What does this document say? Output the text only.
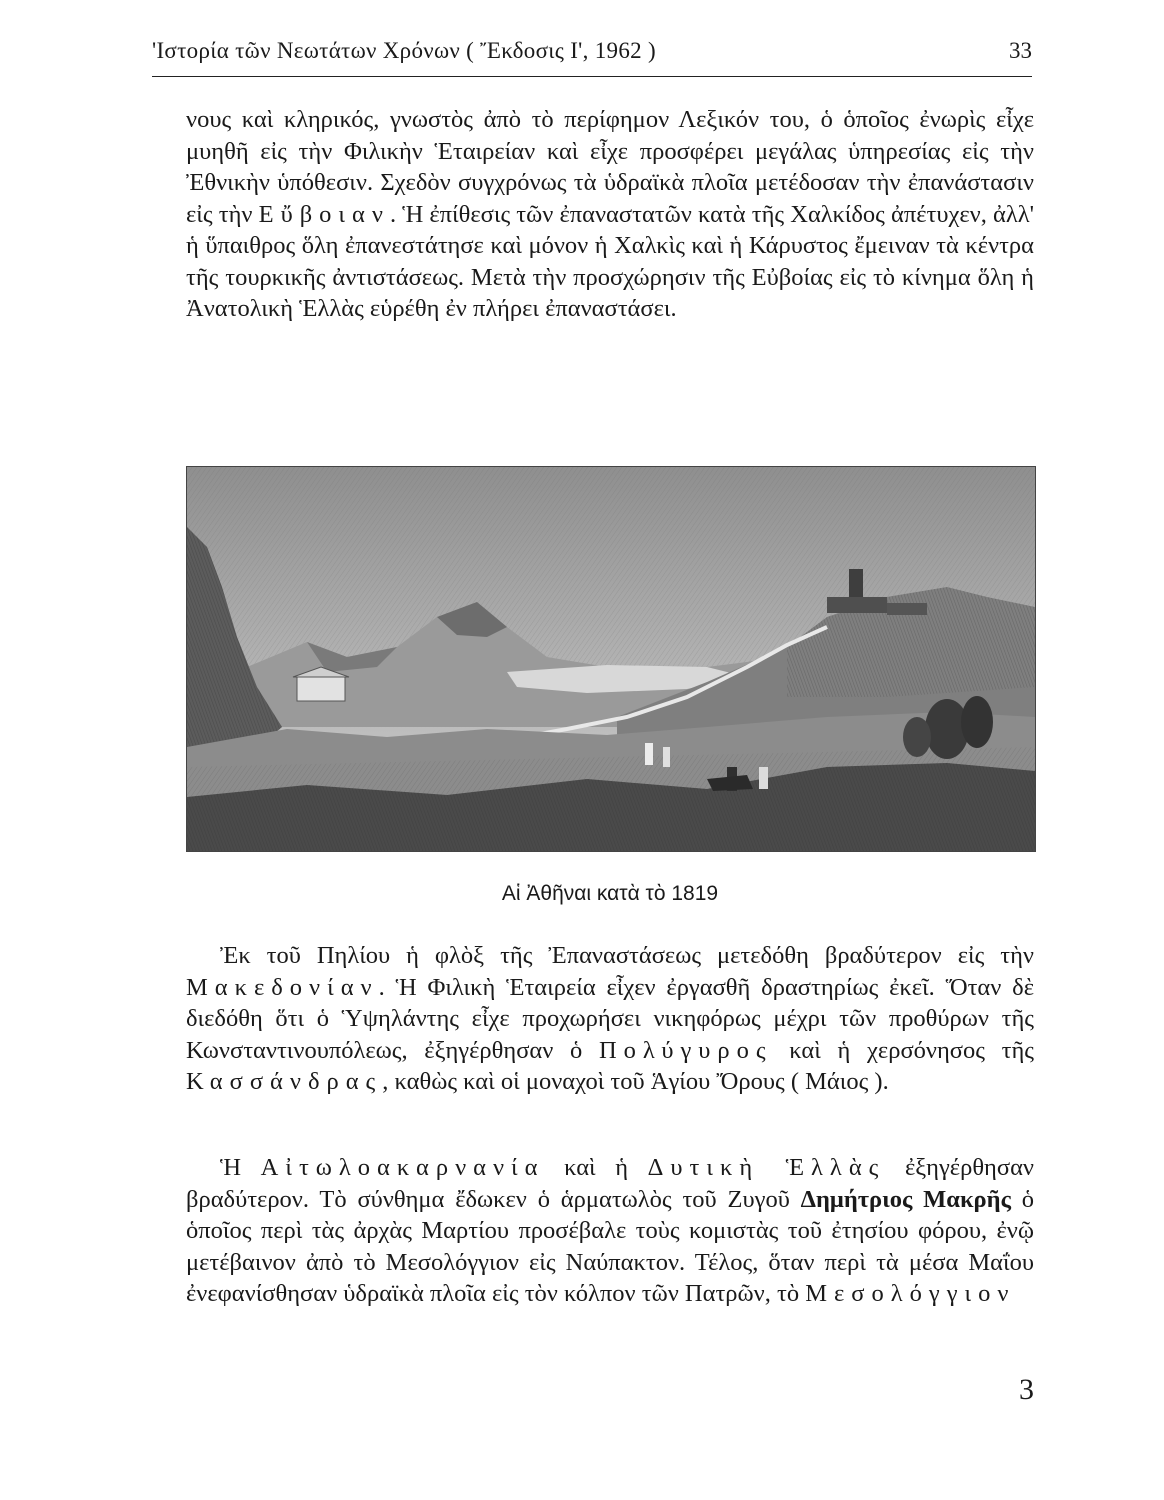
'Ιστορία τῶν Νεωτάτων Χρόνων ( Ἔκδοσις Ι', 1962 )	33

νους καὶ κληρικός, γνωστὸς ἀπὸ τὸ περίφημον Λεξικόν του, ὁ ὁποῖος ἐνωρὶς εἶχε μυηθῆ εἰς τὴν Φιλικὴν Ἑταιρείαν καὶ εἶχε προσφέρει μεγάλας ὑπηρεσίας εἰς τὴν Ἐθνικὴν ὑπόθεσιν. Σχεδὸν συγχρόνως τὰ ὑδραϊκὰ πλοῖα μετέδοσαν τὴν ἐπανάστασιν εἰς τὴν Εὔβοιαν. Ἡ ἐπίθεσις τῶν ἐπαναστατῶν κατὰ τῆς Χαλκίδος ἀπέτυχεν, ἀλλ' ἡ ὕπαιθρος ὅλη ἐπανεστάτησε καὶ μόνον ἡ Χαλκὶς καὶ ἡ Κάρυστος ἔμειναν τὰ κέντρα τῆς τουρκικῆς ἀντιστάσεως. Μετὰ τὴν προσχώρησιν τῆς Εὐβοίας εἰς τὸ κίνημα ὅλη ἡ Ἀνατολικὴ Ἑλλὰς εὑρέθη ἐν πλήρει ἐπαναστάσει.

Αἱ Ἀθῆναι κατὰ τὸ 1819

Ἐκ τοῦ Πηλίου ἡ φλὸξ τῆς Ἐπαναστάσεως μετεδόθη βραδύτερον εἰς τὴν Μακεδονίαν. Ἡ Φιλικὴ Ἑταιρεία εἶχεν ἐργασθῆ δραστηρίως ἐκεῖ. Ὅταν δὲ διεδόθη ὅτι ὁ Ὑψηλάντης εἶχε προχωρήσει νικηφόρως μέχρι τῶν προθύρων τῆς Κωνσταντινουπόλεως, ἐξηγέρθησαν ὁ Πολύγυρος καὶ ἡ χερσόνησος τῆς Κασσάνδρας, καθὼς καὶ οἱ μοναχοὶ τοῦ Ἁγίου Ὄρους ( Μάιος ).

Ἡ Αἰτωλοακαρνανία καὶ ἡ Δυτικὴ Ἑλλὰς ἐξηγέρθησαν βραδύτερον. Τὸ σύνθημα ἔδωκεν ὁ ἁρματωλὸς τοῦ Ζυγοῦ Δημήτριος Μακρῆς ὁ ὁποῖος περὶ τὰς ἀρχὰς Μαρτίου προσέβαλε τοὺς κομιστὰς τοῦ ἐτησίου φόρου, ἐνῷ μετέβαινον ἀπὸ τὸ Μεσολόγγιον εἰς Ναύπακτον. Τέλος, ὅταν περὶ τὰ μέσα Μαΐου ἐνεφανίσθησαν ὑδραϊκὰ πλοῖα εἰς τὸν κόλπον τῶν Πατρῶν, τὸ Μεσολόγγιον

3
